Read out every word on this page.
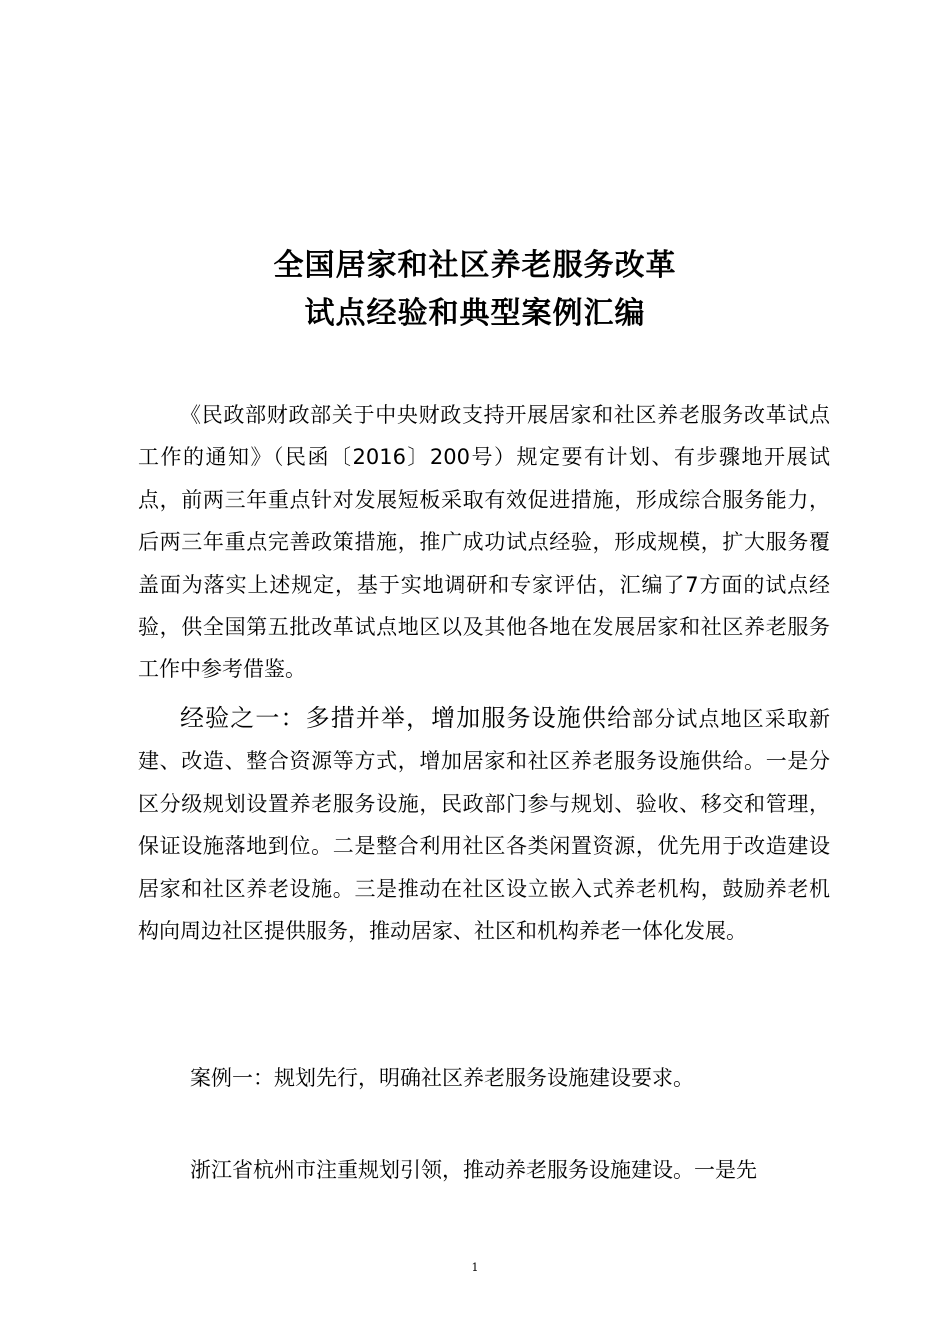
全国居家和社区养老服务改革
试点经验和典型案例汇编

《民政部财政部关于中央财政支持开展居家和社区养老服务改革试点工作的通知》（民函〔2016〕200号）规定要有计划、有步骤地开展试点，前两三年重点针对发展短板采取有效促进措施，形成综合服务能力，后两三年重点完善政策措施，推广成功试点经验，形成规模，扩大服务覆盖面为落实上述规定，基于实地调研和专家评估，汇编了7方面的试点经验，供全国第五批改革试点地区以及其他各地在发展居家和社区养老服务工作中参考借鉴。

经验之一：多措并举，增加服务设施供给部分试点地区采取新建、改造、整合资源等方式，增加居家和社区养老服务设施供给。一是分区分级规划设置养老服务设施，民政部门参与规划、验收、移交和管理，保证设施落地到位。二是整合利用社区各类闲置资源，优先用于改造建设居家和社区养老设施。三是推动在社区设立嵌入式养老机构，鼓励养老机构向周边社区提供服务，推动居家、社区和机构养老一体化发展。

案例一：规划先行，明确社区养老服务设施建设要求。
浙江省杭州市注重规划引领，推动养老服务设施建设。一是先
1
